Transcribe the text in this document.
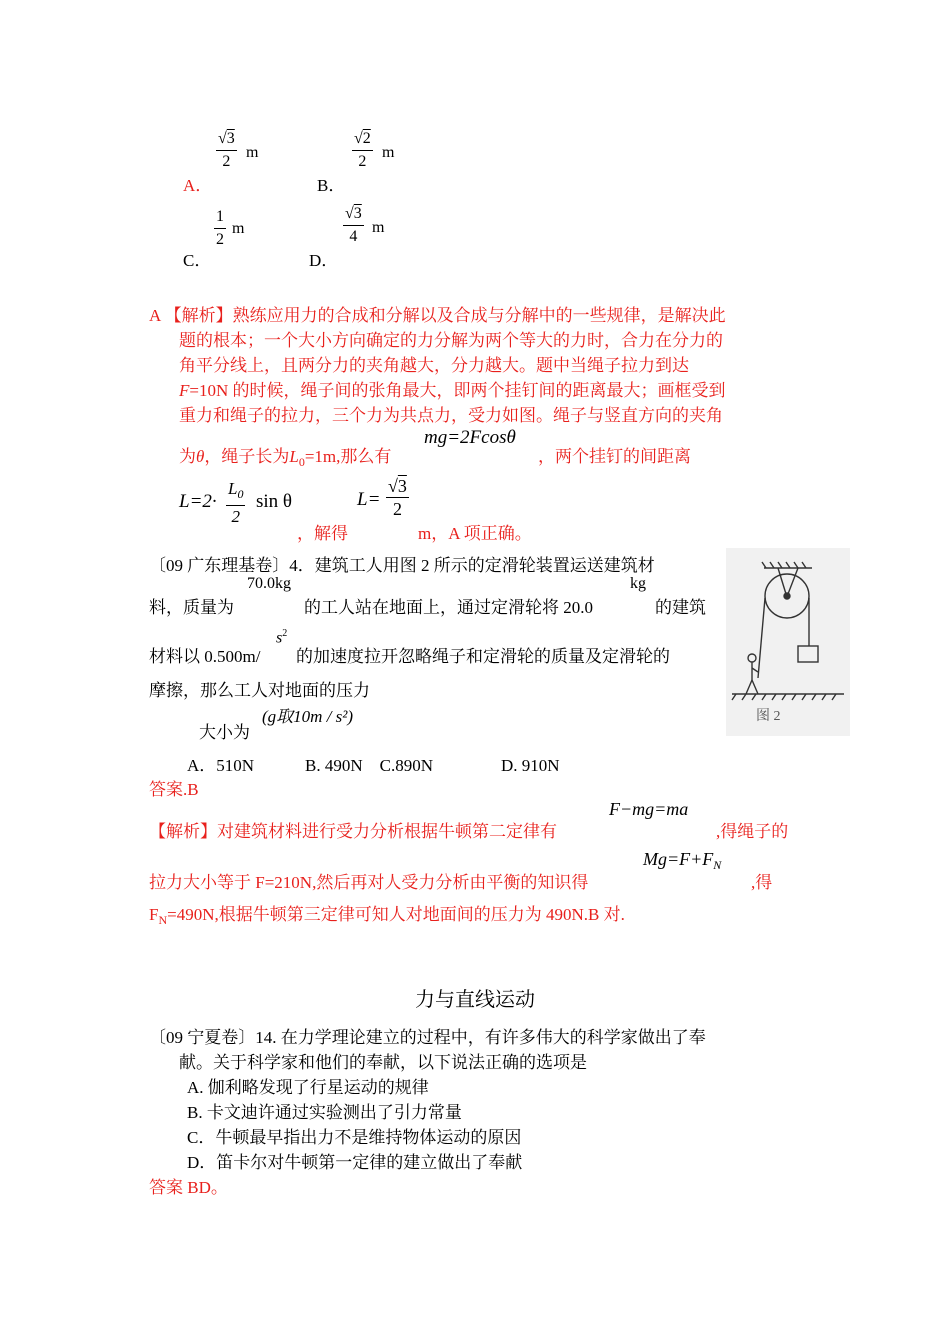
A．
$\frac{√3}{2}$ m
B．
$\frac{√2}{2}$ m
C．
$\frac{1}{2}$ m
D．
$\frac{√3}{4}$ m
A 【解析】熟练应用力的合成和分解以及合成与分解中的一些规律，是解决此
题的根本；一个大小方向确定的力分解为两个等大的力时，合力在分力的
角平分线上，且两分力的夹角越大，分力越大。题中当绳子拉力到达
F=10N 的时候，绳子间的张角最大，即两个挂钉间的距离最大；画框受到
重力和绳子的拉力，三个力为共点力，受力如图。绳子与竖直方向的夹角
为θ，绳子长为$L_0=1m$,那么有
mg=2Fcosθ
，两个挂钉的间距离
$L=2\cdot \frac{L_0}{2}$ sin θ
，解得
$L= \frac{√3}{2}$
m，A 项正确。
〔09 广东理基卷〕4．建筑工人用图 2 所示的定滑轮装置运送建筑材
料，质量为
70.0kg
的工人站在地面上，通过定滑轮将 20.0
kg
的建筑
材料以 0.500m/
$s^2$
的加速度拉开忽略绳子和定滑轮的质量及定滑轮的
摩擦，那么工人对地面的压力
大小为
(g取10m / s²)
A．510N　　　B. 490N　C.890N　　　　D. 910N
图 2
答案.B
【解析】对建筑材料进行受力分析根据牛顿第二定律有
F−mg=ma
,得绳子的
拉力大小等于 F=210N,然后再对人受力分析由平衡的知识得
$Mg=F+F_N$
,得
$F_N=490N$,根据牛顿第三定律可知人对地面间的压力为 490N.B 对.
力与直线运动
〔09 宁夏卷〕14. 在力学理论建立的过程中，有许多伟大的科学家做出了奉
献。关于科学家和他们的奉献，以下说法正确的选项是
A. 伽利略发现了行星运动的规律
B. 卡文迪许通过实验测出了引力常量
C．牛顿最早指出力不是维持物体运动的原因
D．笛卡尔对牛顿第一定律的建立做出了奉献
答案 BD。
